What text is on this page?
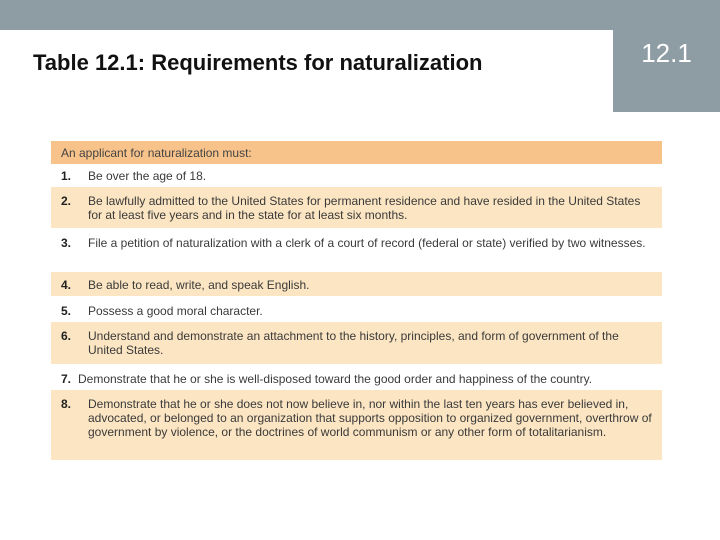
Table 12.1: Requirements for naturalization	12.1
An applicant for naturalization must:
1.	Be over the age of 18.
2.	Be lawfully admitted to the United States for permanent residence and have resided in the United States for at least five years and in the state for at least six months.
3.	File a petition of naturalization with a clerk of a court of record (federal or state) verified by two witnesses.
4.	Be able to read, write, and speak English.
5.	Possess a good moral character.
6.	Understand and demonstrate an attachment to the history, principles, and form of government of the United States.
7. Demonstrate that he or she is well-disposed toward the good order and happiness of the country.
8.	Demonstrate that he or she does not now believe in, nor within the last ten years has ever believed in, advocated, or belonged to an organization that supports opposition to organized government, overthrow of government by violence, or the doctrines of world communism or any other form of totalitarianism.
